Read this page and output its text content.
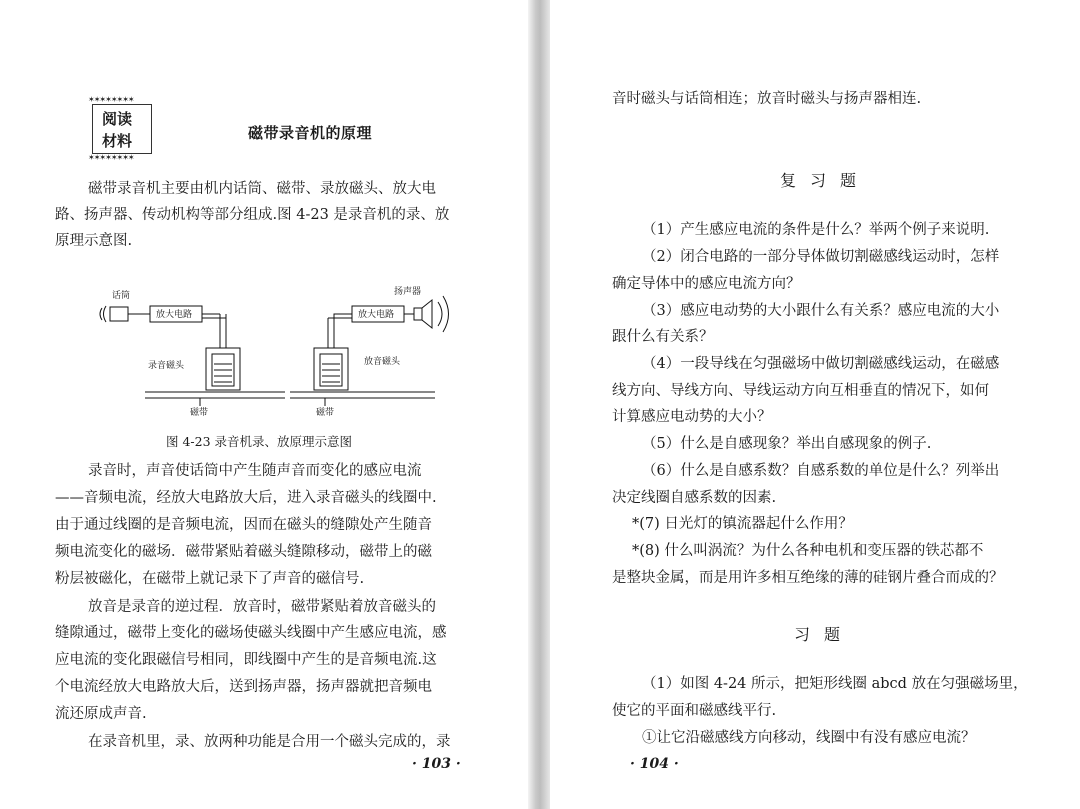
✶✶✶✶✶✶✶✶
✶✶✶✶✶✶✶✶
阅读
材料	磁带录音机的原理
磁带录音机主要由机内话筒、磁带、录放磁头、放大电
路、扬声器、传动机构等部分组成.图 4-23 是录音机的录、放
原理示意图.
话筒
放大电路	放大电路
扬声器
录音磁头	放音磁头
磁带	磁带
图 4-23 录音机录、放原理示意图
录音时，声音使话筒中产生随声音而变化的感应电流
——音频电流，经放大电路放大后，进入录音磁头的线圈中.
由于通过线圈的是音频电流，因而在磁头的缝隙处产生随音
频电流变化的磁场．磁带紧贴着磁头缝隙移动，磁带上的磁
粉层被磁化，在磁带上就记录下了声音的磁信号.
放音是录音的逆过程．放音时，磁带紧贴着放音磁头的
缝隙通过，磁带上变化的磁场使磁头线圈中产生感应电流，感
应电流的变化跟磁信号相同，即线圈中产生的是音频电流.这
个电流经放大电路放大后，送到扬声器，扬声器就把音频电
流还原成声音.
在录音机里，录、放两种功能是合用一个磁头完成的，录
· 103 ·
音时磁头与话筒相连；放音时磁头与扬声器相连.
复习题
（1）产生感应电流的条件是什么？举两个例子来说明.
（2）闭合电路的一部分导体做切割磁感线运动时，怎样
确定导体中的感应电流方向？
（3）感应电动势的大小跟什么有关系？感应电流的大小
跟什么有关系？
（4）一段导线在匀强磁场中做切割磁感线运动，在磁感
线方向、导线方向、导线运动方向互相垂直的情况下，如何
计算感应电动势的大小？
（5）什么是自感现象？举出自感现象的例子.
（6）什么是自感系数？自感系数的单位是什么？列举出
决定线圈自感系数的因素.
*(7) 日光灯的镇流器起什么作用？
*(8) 什么叫涡流？为什么各种电机和变压器的铁芯都不
是整块金属，而是用许多相互绝缘的薄的硅钢片叠合而成的？
习题
（1）如图 4-24 所示，把矩形线圈 abcd 放在匀强磁场里，
使它的平面和磁感线平行.
①让它沿磁感线方向移动，线圈中有没有感应电流？
· 104 ·
